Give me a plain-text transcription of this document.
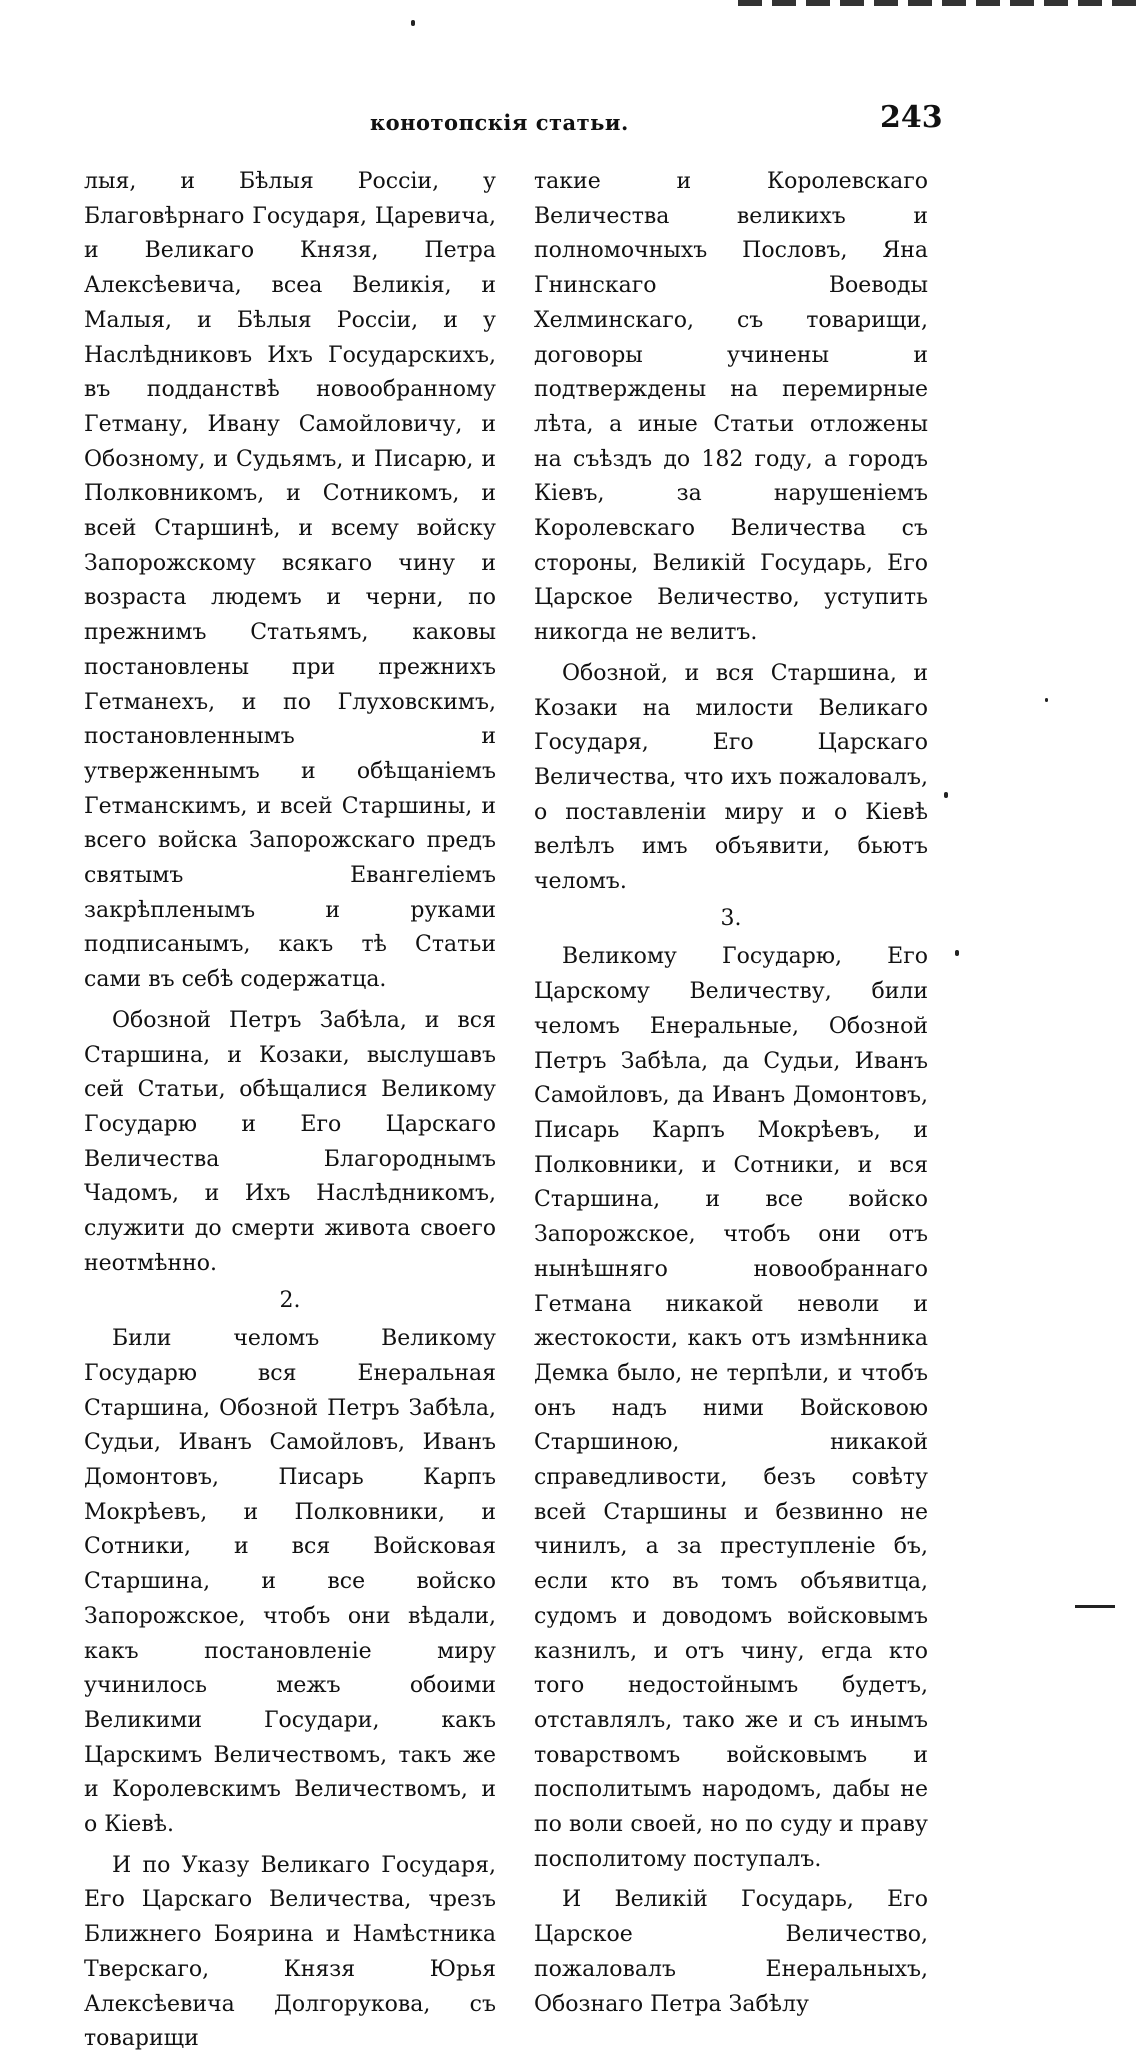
конотопскія статьи.	243

лыя, и Бѣлыя Россіи, у Благовѣрнаго Государя, Царевича, и Великаго Князя, Петра Алексѣевича, всеа Великія, и Малыя, и Бѣлыя Россіи, и у Наслѣдниковъ Ихъ Государскихъ, въ подданствѣ новообранному Гетману, Ивану Самойловичу, и Обозному, и Судьямъ, и Писарю, и Полковникомъ, и Сотникомъ, и всей Старшинѣ, и всему войску Запорожскому всякаго чину и возраста людемъ и черни, по прежнимъ Статьямъ, каковы постановлены при прежнихъ Гетманехъ, и по Глуховскимъ, постановленнымъ и утверженнымъ и обѣщаніемъ Гетманскимъ, и всей Старшины, и всего войска Запорожскаго предъ святымъ Евангеліемъ закрѣпленымъ и руками подписанымъ, какъ тѣ Статьи сами въ себѣ содержатца.

Обозной Петръ Забѣла, и вся Старшина, и Козаки, выслушавъ сей Статьи, обѣщалися Великому Государю и Его Царскаго Величества Благороднымъ Чадомъ, и Ихъ Наслѣдникомъ, служити до смерти живота своего неотмѣнно.

2.

Били челомъ Великому Государю вся Енеральная Старшина, Обозной Петръ Забѣла, Судьи, Иванъ Самойловъ, Иванъ Домонтовъ, Писарь Карпъ Мокрѣевъ, и Полковники, и Сотники, и вся Войсковая Старшина, и все войско Запорожское, чтобъ они вѣдали, какъ постановленіе миру учинилось межъ обоими Великими Государи, какъ Царскимъ Величествомъ, такъ же и Королевскимъ Величествомъ, и о Кіевѣ.

И по Указу Великаго Государя, Его Царскаго Величества, чрезъ Ближнего Боярина и Намѣстника Тверскаго, Князя Юрья Алексѣевича Долгорукова, съ товарищи

такие и Королевскаго Величества великихъ и полномочныхъ Пословъ, Яна Гнинскаго Воеводы Хелминскаго, съ товарищи, договоры учинены и подтверждены на перемирные лѣта, а иные Статьи отложены на съѣздъ до 182 году, а городъ Кіевъ, за нарушеніемъ Королевскаго Величества съ стороны, Великій Государь, Его Царское Величество, уступить никогда не велитъ.

Обозной, и вся Старшина, и Козаки на милости Великаго Государя, Его Царскаго Величества, что ихъ пожаловалъ, о поставленіи миру и о Кіевѣ велѣлъ имъ объявити, бьютъ челомъ.

3.

Великому Государю, Его Царскому Величеству, били челомъ Енеральные, Обозной Петръ Забѣла, да Судьи, Иванъ Самойловъ, да Иванъ Домонтовъ, Писарь Карпъ Мокрѣевъ, и Полковники, и Сотники, и вся Старшина, и все войско Запорожское, чтобъ они отъ нынѣшняго новообраннаго Гетмана никакой неволи и жестокости, какъ отъ измѣнника Демка было, не терпѣли, и чтобъ онъ надъ ними Войсковою Старшиною, никакой справедливости, безъ совѣту всей Старшины и безвинно не чинилъ, а за преступленіе бъ, если кто въ томъ объявитца, судомъ и доводомъ войсковымъ казнилъ, и отъ чину, егда кто того недостойнымъ будетъ, отставлялъ, тако же и съ инымъ товарствомъ войсковымъ и посполитымъ народомъ, дабы не по воли своей, но по суду и праву посполитому поступалъ.

И Великій Государь, Его Царское Величество, пожаловалъ Енеральныхъ, Обознаго Петра Забѣлу
